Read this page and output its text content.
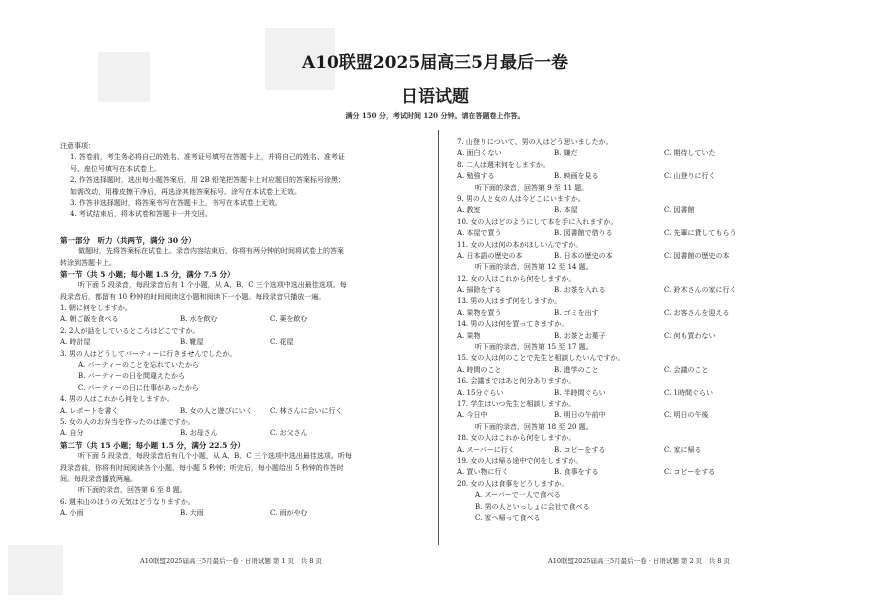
A10联盟2025届高三5月最后一卷
日语试题
满分 150 分，考试时间 120 分钟。请在答题卷上作答。
注意事项：
1. 答卷前，考生务必将自己的姓名、准考证号填写在答题卡上，并将自己的姓名、准考证
号、座位号填写在本试卷上。
2. 作答选择题时，选出每小题答案后，用 2B 铅笔把答题卡上对应题目的答案标号涂黑；
如需改动，用橡皮擦干净后，再选涂其他答案标号。涂写在本试卷上无效。
3. 作答非选择题时，将答案书写在答题卡上，书写在本试卷上无效。
4. 考试结束后，将本试卷和答题卡一并交回。
第一部分　听力（共两节，满分 30 分）
做题时，先将答案标在试卷上。录音内容结束后，你将有两分钟的时间将试卷上的答案
转涂到答题卡上。
第一节（共 5 小题；每小题 1.5 分，满分 7.5 分）
听下面 5 段录音，每段录音后有 1 个小题，从 A、B、C 三个选项中选出最佳选项。每
段录音后，都留有 10 秒钟的时间阅读这小题和阅读下一小题。每段录音只播放一遍。
1. 朝に何をしますか。
A. 朝ご飯を食べる	B. 水を飲む	C. 薬を飲む
2. 2人が話をしているところはどこですか。
A. 時計屋	B. 靴屋	C. 花屋
3. 男の人はどうしてパーティーに行きませんでしたか。
A. パーティーのことを忘れていたから
B. パーティーの日を間違えたから
C. パーティーの日に仕事があったから
4. 男の人はこれから何をしますか。
A. レポートを書く	B. 女の人と遊びにいく	C. 林さんに会いに行く
5. 女の人のお弁当を作ったのは誰ですか。
A. 自分	B. お母さん	C. お父さん
第二节（共 15 小题；每小题 1.5 分，满分 22.5 分）
听下面 5 段录音，每段录音后有几个小题，从 A、B、C 三个选项中选出最佳选项。听每
段录音前，你将有时间阅读各个小题，每小题 5 秒钟；听完后，每小题给出 5 秒钟的作答时
间。每段录音播放两遍。
听下面的录音，回答第 6 至 8 题。
6. 週末山のほうの天気はどうなりますか。
A. 小雨	B. 大雨	C. 雨がやむ
7. 山登りについて、男の人はどう思いましたか。
A. 面白くない	B. 嫌だ	C. 期待していた
8. 二人は週末何をしますか。
A. 勉強する	B. 映画を見る	C. 山登りに行く
听下面的录音，回答第 9 至 11 题。
9. 男の人と女の人は今どこにいますか。
A. 教室	B. 本屋	C. 図書館
10. 女の人はどのようにして本を手に入れますか。
A. 本屋で買う	B. 図書館で借りる	C. 先輩に貸してもらう
11. 女の人は何の本がほしいんですか。
A. 日本語の歴史の本	B. 日本の歴史の本	C. 図書館の歴史の本
听下面的录音，回答第 12 至 14 题。
12. 女の人はこれから何をしますか。
A. 掃除をする	B. お茶を入れる	C. 鈴木さんの家に行く
13. 男の人はまず何をしますか。
A. 果物を買う	B. ゴミを出す	C. お客さんを迎える
14. 男の人は何を買ってきますか。
A. 果物	B. お茶とお菓子	C. 何も買わない
听下面的录音，回答第 15 至 17 题。
15. 女の人は何のことで先生と相談したいんですか。
A. 時間のこと	B. 進学のこと	C. 会議のこと
16. 会議まではあと何分ありますか。
A. 15分ぐらい	B. 半時間ぐらい	C. 1時間ぐらい
17. 学生はいつ先生と相談しますか。
A. 今日中	B. 明日の午前中	C. 明日の午後
听下面的录音，回答第 18 至 20 题。
18. 女の人はこれから何をしますか。
A. スーパーに行く	B. コピーをする	C. 家に帰る
19. 女の人は帰る途中で何をしますか。
A. 買い物に行く	B. 食事をする	C. コピーをする
20. 女の人は食事をどうしますか。
A. スーパーで一人で食べる
B. 男の人といっしょに会社で食べる
C. 家へ帰って食べる
A10联盟2025届高三5月最后一卷 · 日语试题 第 1 页　共 8 页	A10联盟2025届高三5月最后一卷 · 日语试题 第 2 页　共 8 页
